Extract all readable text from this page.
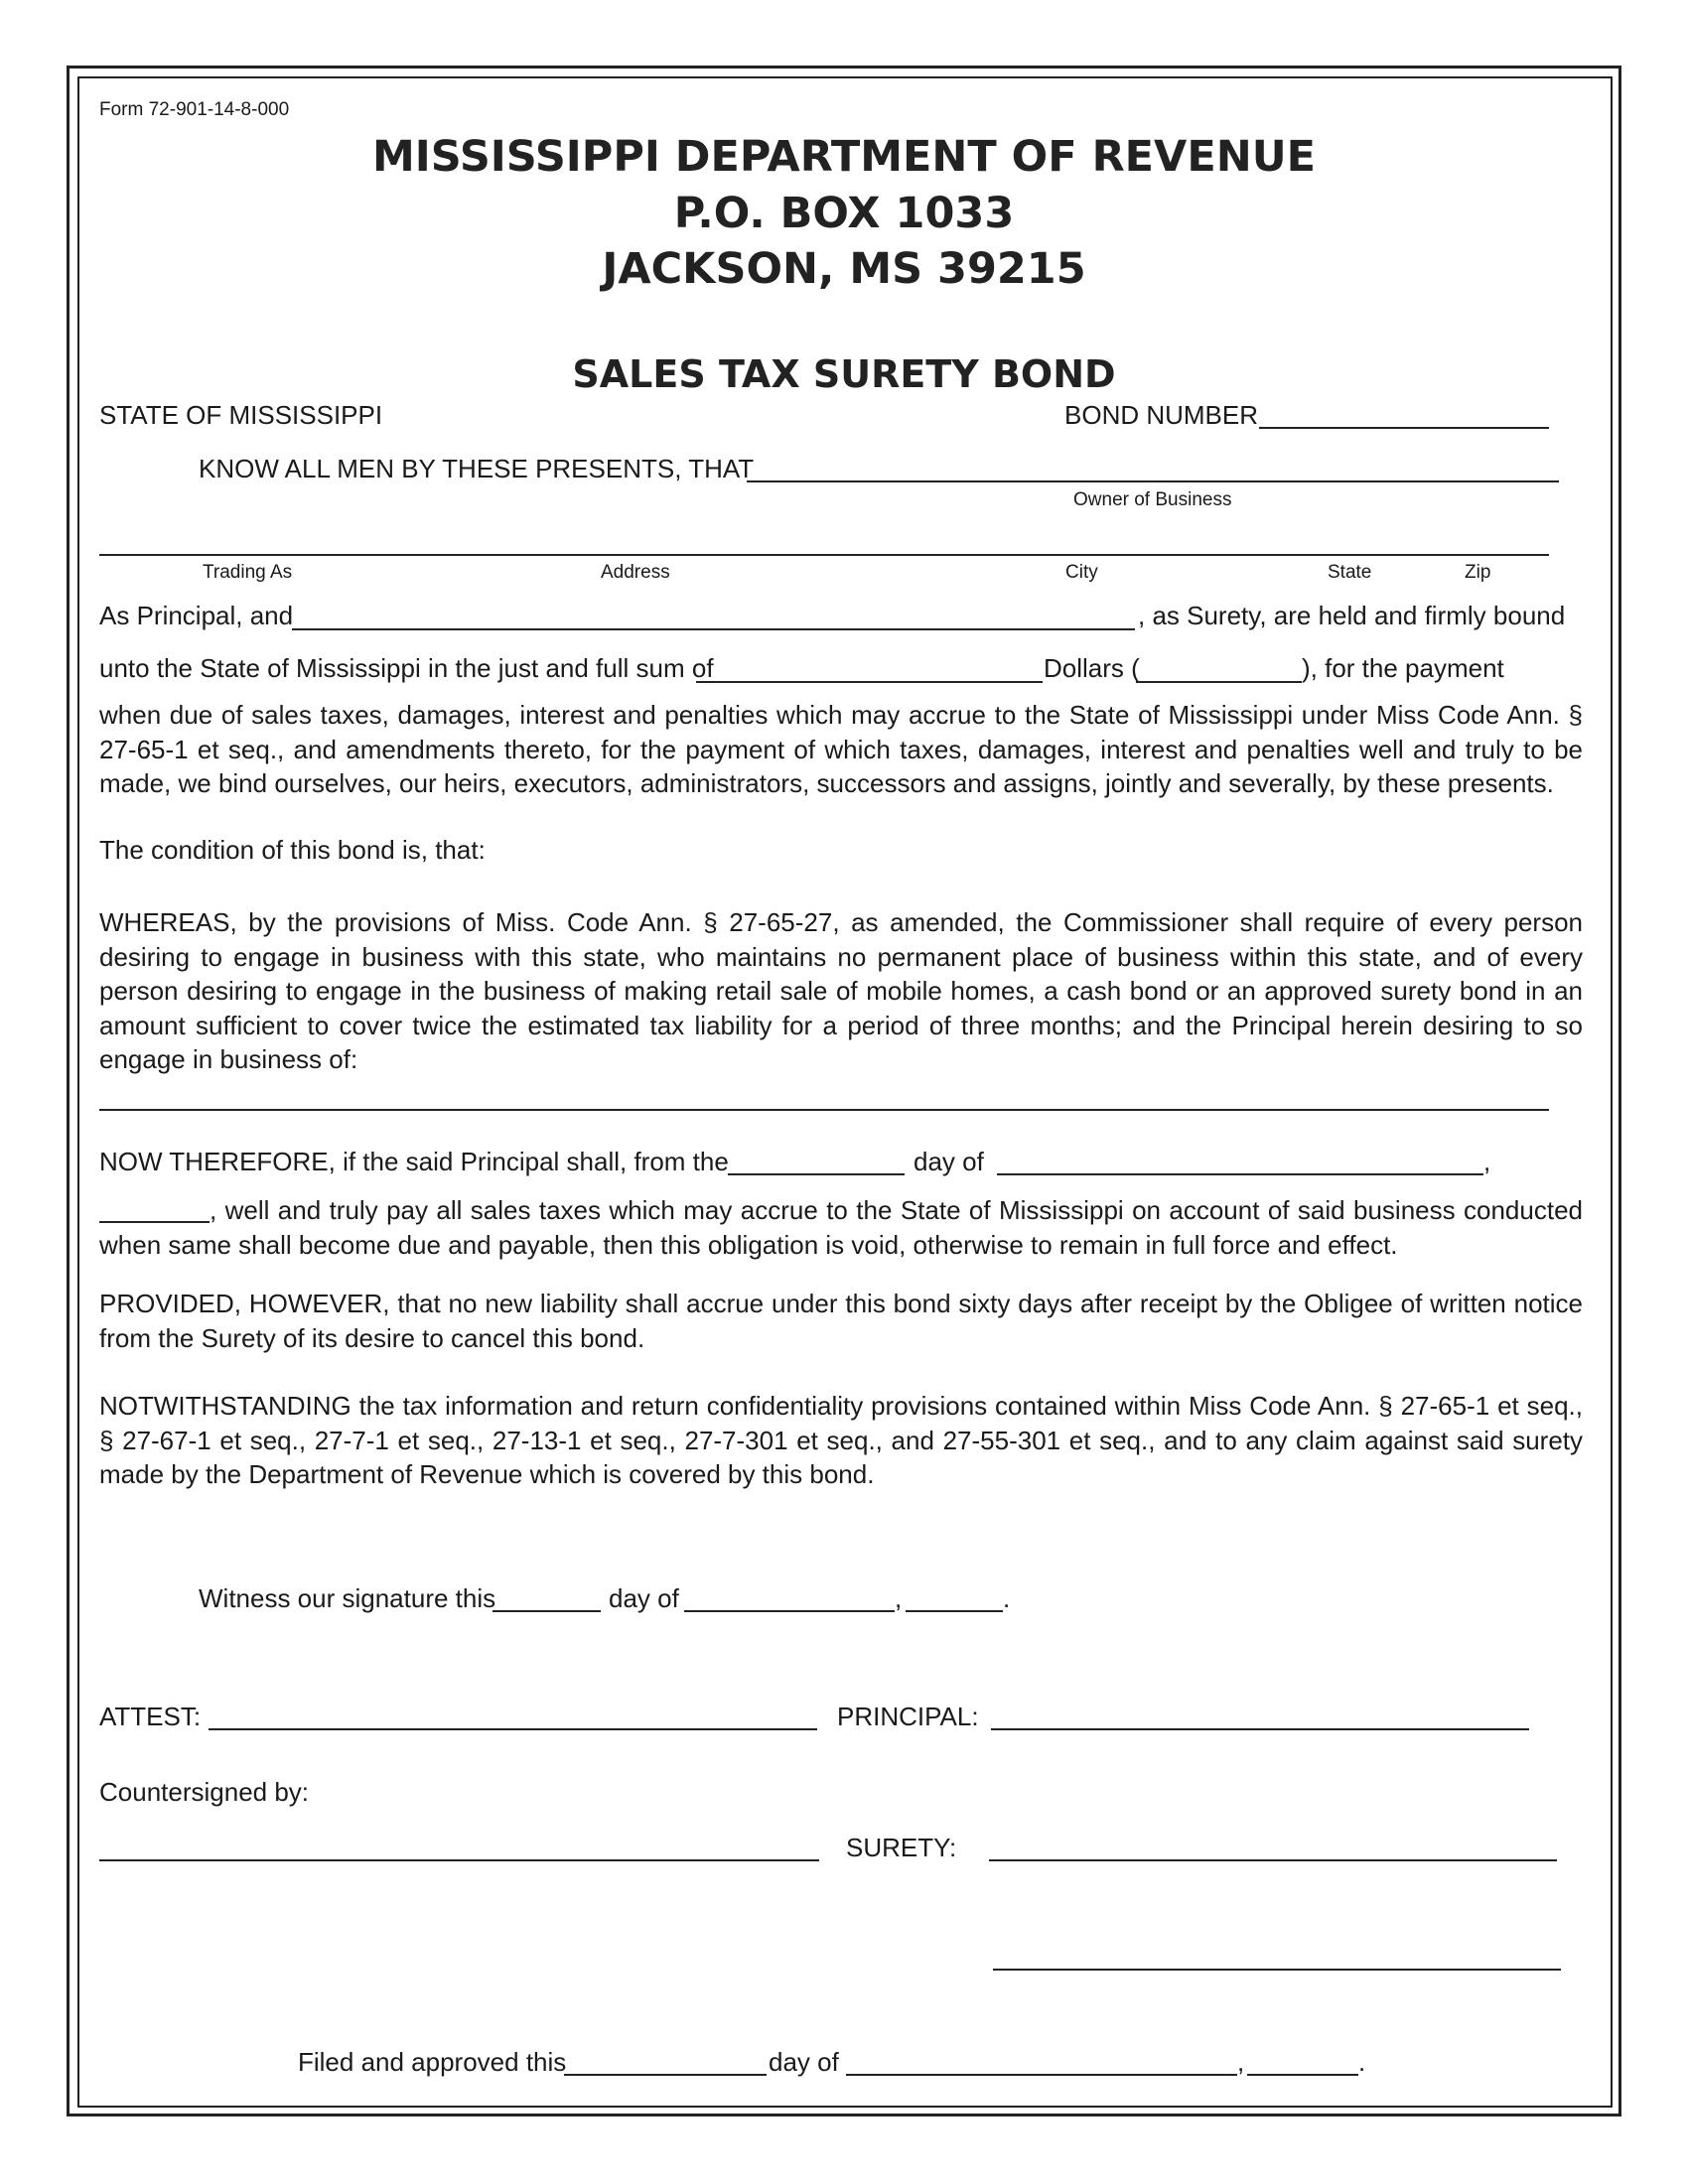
Form 72-901-14-8-000
MISSISSIPPI DEPARTMENT OF REVENUE
P.O. BOX 1033
JACKSON, MS 39215
SALES TAX SURETY BOND
STATE OF MISSISSIPPI	BOND NUMBER
KNOW ALL MEN BY THESE PRESENTS, THAT
Owner of Business
Trading As	Address	City	State	Zip
As Principal, and	, as Surety, are held and firmly bound
unto the State of Mississippi in the just and full sum of	Dollars (	), for the payment
when due of sales taxes, damages, interest and penalties which may accrue to the State of Mississippi under Miss Code Ann. § 27-65-1 et seq., and amendments thereto, for the payment of which taxes, damages, interest and penalties well and truly to be made, we bind ourselves, our heirs, executors, administrators, successors and assigns, jointly and severally, by these presents.
The condition of this bond is, that:
WHEREAS, by the provisions of Miss. Code Ann. § 27-65-27, as amended, the Commissioner shall require of every person desiring to engage in business with this state, who maintains no permanent place of business within this state, and of every person desiring to engage in the business of making retail sale of mobile homes, a cash bond or an approved surety bond in an amount sufficient to cover twice the estimated tax liability for a period of three months; and the Principal herein desiring to so engage in business of:
NOW THEREFORE, if the said Principal shall, from the	day of	,
, well and truly pay all sales taxes which may accrue to the State of Mississippi on account of said business conducted when same shall become due and payable, then this obligation is void, otherwise to remain in full force and effect.
PROVIDED, HOWEVER, that no new liability shall accrue under this bond sixty days after receipt by the Obligee of written notice from the Surety of its desire to cancel this bond.
NOTWITHSTANDING the tax information and return confidentiality provisions contained within Miss Code Ann. § 27-65-1 et seq., § 27-67-1 et seq., 27-7-1 et seq., 27-13-1 et seq., 27-7-301 et seq., and 27-55-301 et seq., and to any claim against said surety made by the Department of Revenue which is covered by this bond.
Witness our signature this	day of	,	.
ATTEST:	PRINCIPAL:
Countersigned by:
SURETY:
Filed and approved this	day of	,	.
